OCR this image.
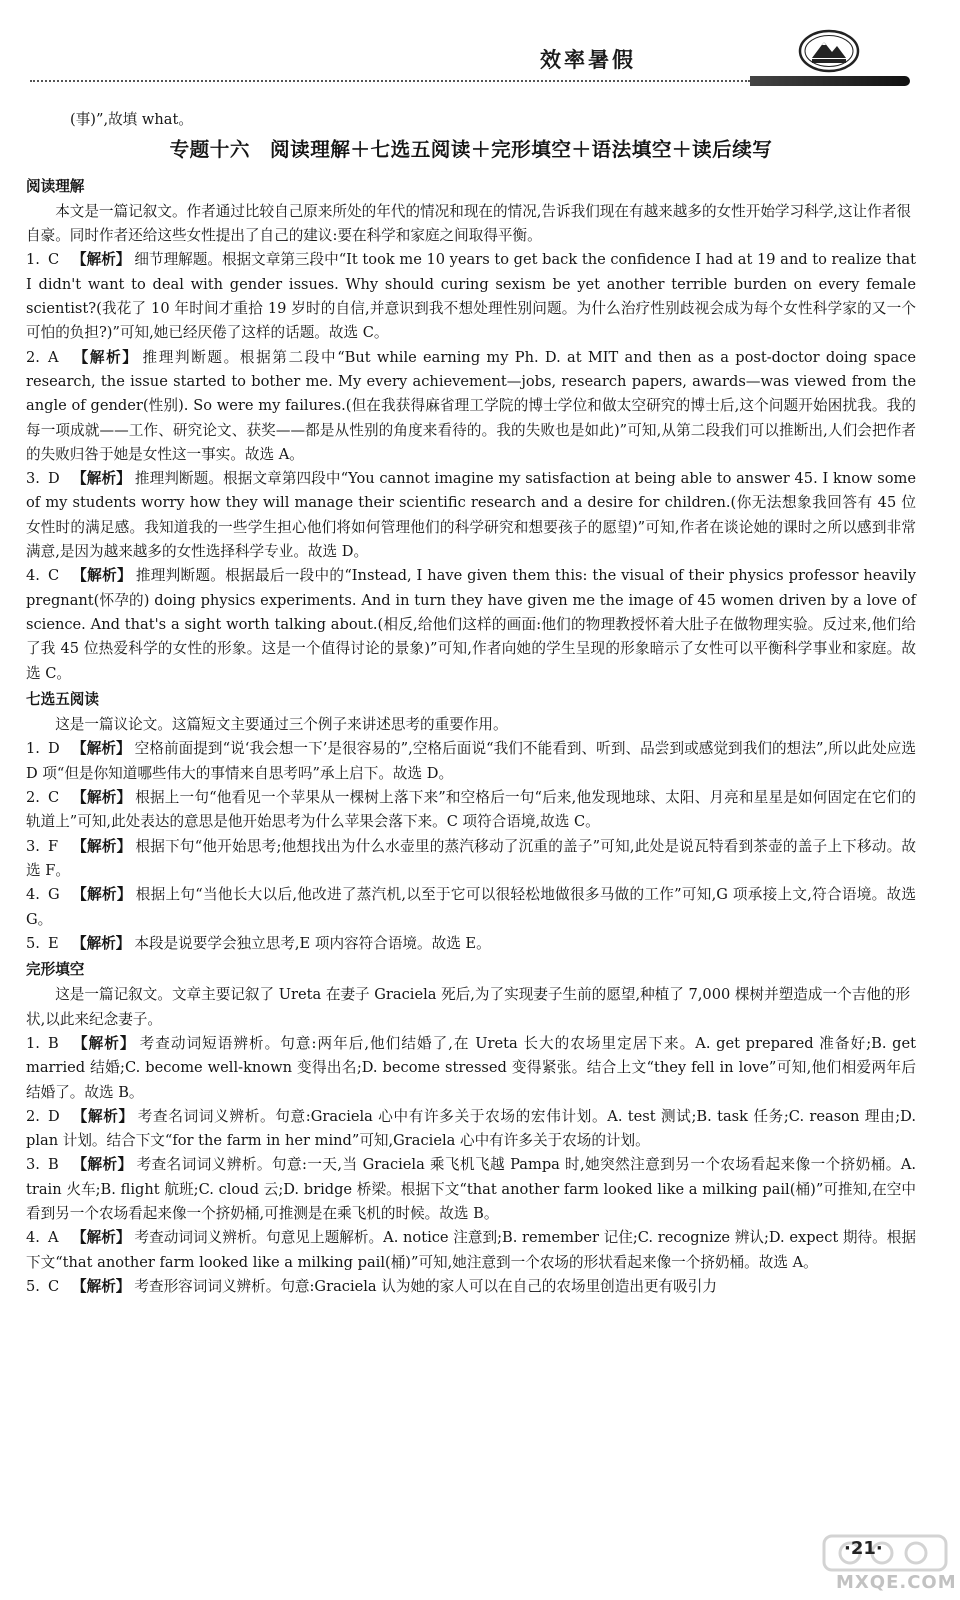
效率暑假

(事)”,故填 what。

专题十六　阅读理解＋七选五阅读＋完形填空＋语法填空＋读后续写
阅读理解

本文是一篇记叙文。作者通过比较自己原来所处的年代的情况和现在的情况,告诉我们现在有越来越多的女性开始学习科学,这让作者很自豪。同时作者还给这些女性提出了自己的建议:要在科学和家庭之间取得平衡。

1. C 【解析】 细节理解题。根据文章第三段中“It took me 10 years to get back the confidence I had at 19 and to realize that I didn't want to deal with gender issues. Why should curing sexism be yet another terrible burden on every female scientist?(我花了 10 年时间才重拾 19 岁时的自信,并意识到我不想处理性别问题。为什么治疗性别歧视会成为每个女性科学家的又一个可怕的负担?)”可知,她已经厌倦了这样的话题。故选 C。

2. A 【解析】 推理判断题。根据第二段中“But while earning my Ph. D. at MIT and then as a post-doctor doing space research, the issue started to bother me. My every achievement—jobs, research papers, awards—was viewed from the angle of gender(性别). So were my failures.(但在我获得麻省理工学院的博士学位和做太空研究的博士后,这个问题开始困扰我。我的每一项成就——工作、研究论文、获奖——都是从性别的角度来看待的。我的失败也是如此)”可知,从第二段我们可以推断出,人们会把作者的失败归咎于她是女性这一事实。故选 A。

3. D 【解析】 推理判断题。根据文章第四段中“You cannot imagine my satisfaction at being able to answer 45. I know some of my students worry how they will manage their scientific research and a desire for children.(你无法想象我回答有 45 位女性时的满足感。我知道我的一些学生担心他们将如何管理他们的科学研究和想要孩子的愿望)”可知,作者在谈论她的课时之所以感到非常满意,是因为越来越多的女性选择科学专业。故选 D。

4. C 【解析】 推理判断题。根据最后一段中的“Instead, I have given them this: the visual of their physics professor heavily pregnant(怀孕的) doing physics experiments. And in turn they have given me the image of 45 women driven by a love of science. And that's a sight worth talking about.(相反,给他们这样的画面:他们的物理教授怀着大肚子在做物理实验。反过来,他们给了我 45 位热爱科学的女性的形象。这是一个值得讨论的景象)”可知,作者向她的学生呈现的形象暗示了女性可以平衡科学事业和家庭。故选 C。

七选五阅读

这是一篇议论文。这篇短文主要通过三个例子来讲述思考的重要作用。

1. D 【解析】 空格前面提到“说‘我会想一下’是很容易的”,空格后面说“我们不能看到、听到、品尝到或感觉到我们的想法”,所以此处应选 D 项“但是你知道哪些伟大的事情来自思考吗”承上启下。故选 D。

2. C 【解析】 根据上一句“他看见一个苹果从一棵树上落下来”和空格后一句“后来,他发现地球、太阳、月亮和星星是如何固定在它们的轨道上”可知,此处表达的意思是他开始思考为什么苹果会落下来。C 项符合语境,故选 C。

3. F 【解析】 根据下句“他开始思考;他想找出为什么水壶里的蒸汽移动了沉重的盖子”可知,此处是说瓦特看到茶壶的盖子上下移动。故选 F。

4. G 【解析】 根据上句“当他长大以后,他改进了蒸汽机,以至于它可以很轻松地做很多马做的工作”可知,G 项承接上文,符合语境。故选 G。

5. E 【解析】 本段是说要学会独立思考,E 项内容符合语境。故选 E。

完形填空

这是一篇记叙文。文章主要记叙了 Ureta 在妻子 Graciela 死后,为了实现妻子生前的愿望,种植了 7,000 棵树并塑造成一个吉他的形状,以此来纪念妻子。

1. B 【解析】 考查动词短语辨析。句意:两年后,他们结婚了,在 Ureta 长大的农场里定居下来。A. get prepared 准备好;B. get married 结婚;C. become well-known 变得出名;D. become stressed 变得紧张。结合上文“they fell in love”可知,他们相爱两年后结婚了。故选 B。

2. D 【解析】 考查名词词义辨析。句意:Graciela 心中有许多关于农场的宏伟计划。A. test 测试;B. task 任务;C. reason 理由;D. plan 计划。结合下文“for the farm in her mind”可知,Graciela 心中有许多关于农场的计划。

3. B 【解析】 考查名词词义辨析。句意:一天,当 Graciela 乘飞机飞越 Pampa 时,她突然注意到另一个农场看起来像一个挤奶桶。A. train 火车;B. flight 航班;C. cloud 云;D. bridge 桥梁。根据下文“that another farm looked like a milking pail(桶)”可推知,在空中看到另一个农场看起来像一个挤奶桶,可推测是在乘飞机的时候。故选 B。

4. A 【解析】 考查动词词义辨析。句意见上题解析。A. notice 注意到;B. remember 记住;C. recognize 辨认;D. expect 期待。根据下文“that another farm looked like a milking pail(桶)”可知,她注意到一个农场的形状看起来像一个挤奶桶。故选 A。

5. C 【解析】 考查形容词词义辨析。句意:Graciela 认为她的家人可以在自己的农场里创造出更有吸引力

·21·
MXQE.COM
